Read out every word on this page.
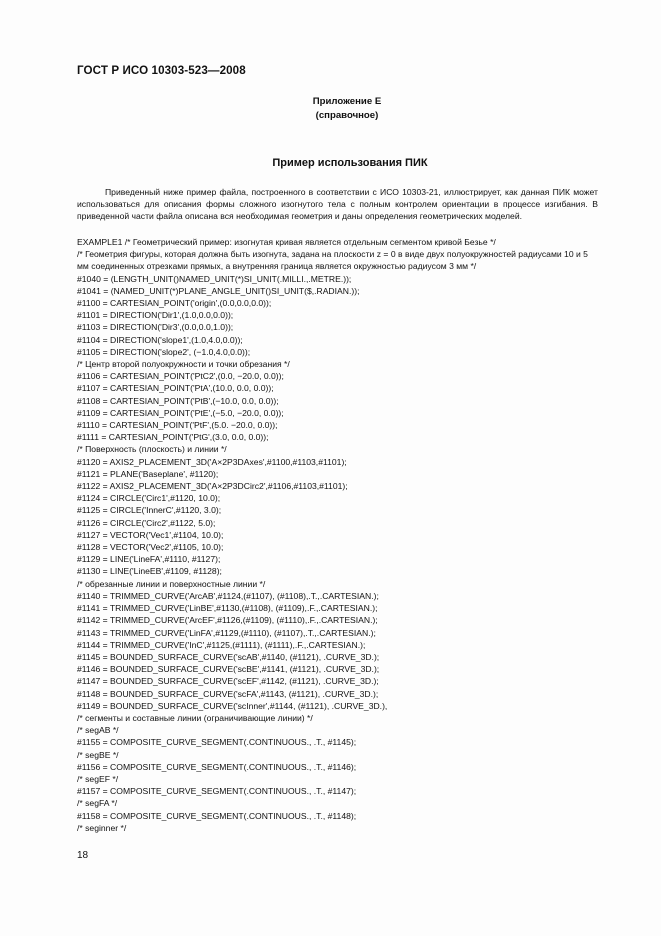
ГОСТ Р ИСО 10303-523—2008
Приложение Е
(справочное)
Пример использования ПИК

Приведенный ниже пример файла, построенного в соответствии с ИСО 10303-21, иллюстрирует, как данная ПИК может использоваться для описания формы сложного изогнутого тела с полным контролем ориентации в процессе изгибания. В приведенной части файла описана вся необходимая геометрия и даны определения геометрических моделей.

EXAMPLE1 /* Геометрический пример: изогнутая кривая является отдельным сегментом кривой Безье */
/* Геометрия фигуры, которая должна быть изогнута, задана на плоскости z = 0 в виде двух полуокружностей радиусами 10 и 5 мм соединенных отрезками прямых, а внутренняя граница является окружностью радиусом 3 мм */
#1040 = (LENGTH_UNIT()NAMED_UNIT(*)SI_UNIT(.MILLI.,.METRE.));
#1041 = (NAMED_UNIT(*)PLANE_ANGLE_UNIT()SI_UNIT($,.RADIAN.));
#1100 = CARTESIAN_POINT('origin',(0.0,0.0,0.0));
#1101 = DIRECTION('Dir1',(1.0,0.0,0.0));
#1103 = DIRECTION('Dir3',(0.0,0.0,1.0));
#1104 = DIRECTION('slope1',(1.0,4.0,0.0));
#1105 = DIRECTION('slope2', (−1.0,4.0,0.0));
/* Центр второй полуокружности и точки обрезания */
#1106 = CARTESIAN_POINT('PtC2',(0.0, −20.0, 0.0));
#1107 = CARTESIAN_POINT('PtA',(10.0, 0.0, 0.0));
#1108 = CARTESIAN_POINT('PtB',(−10.0, 0.0, 0.0));
#1109 = CARTESIAN_POINT('PtE',(−5.0, −20.0, 0.0));
#1110 = CARTESIAN_POINT('PtF',(5.0. −20.0, 0.0));
#1111 = CARTESIAN_POINT('PtG',(3.0, 0.0, 0.0));
/* Поверхность (плоскость) и линии */
#1120 = AXIS2_PLACEMENT_3D('A×2P3DAxes',#1100,#1103,#1101);
#1121 = PLANE('Baseplane', #1120);
#1122 = AXIS2_PLACEMENT_3D('A×2P3DCirc2',#1106,#1103,#1101);
#1124 = CIRCLE('Circ1',#1120, 10.0);
#1125 = CIRCLE('InnerC',#1120, 3.0);
#1126 = CIRCLE('Circ2',#1122, 5.0);
#1127 = VECTOR('Vec1',#1104, 10.0);
#1128 = VECTOR('Vec2',#1105, 10.0);
#1129 = LINE('LineFA',#1110, #1127);
#1130 = LINE('LineEB',#1109, #1128);
/* обрезанные линии и поверхностные линии */
#1140 = TRIMMED_CURVE('ArcAB',#1124,(#1107), (#1108),.T.,.CARTESIAN.);
#1141 = TRIMMED_CURVE('LinBE',#1130,(#1108), (#1109),.F.,.CARTESIAN.);
#1142 = TRIMMED_CURVE('ArcEF',#1126,(#1109), (#1110),.F.,.CARTESIAN.);
#1143 = TRIMMED_CURVE('LinFA',#1129,(#1110), (#1107),.T.,.CARTESIAN.);
#1144 = TRIMMED_CURVE('InC',#1125,(#1111), (#1111),.F.,.CARTESIAN.);
#1145 = BOUNDED_SURFACE_CURVE('scAB',#1140, (#1121), .CURVE_3D.);
#1146 = BOUNDED_SURFACE_CURVE('scBE',#1141, (#1121), .CURVE_3D.);
#1147 = BOUNDED_SURFACE_CURVE('scEF',#1142, (#1121), .CURVE_3D.);
#1148 = BOUNDED_SURFACE_CURVE('scFA',#1143, (#1121), .CURVE_3D.);
#1149 = BOUNDED_SURFACE_CURVE('scInner',#1144, (#1121), .CURVE_3D.),
/* сегменты и составные линии (ограничивающие линии) */
/* segAB */
#1155 = COMPOSITE_CURVE_SEGMENT(.CONTINUOUS., .T., #1145);
/* segBE */
#1156 = COMPOSITE_CURVE_SEGMENT(.CONTINUOUS., .T., #1146);
/* segEF */
#1157 = COMPOSITE_CURVE_SEGMENT(.CONTINUOUS., .T., #1147);
/* segFA */
#1158 = COMPOSITE_CURVE_SEGMENT(.CONTINUOUS., .T., #1148);
/* seginner */
18
